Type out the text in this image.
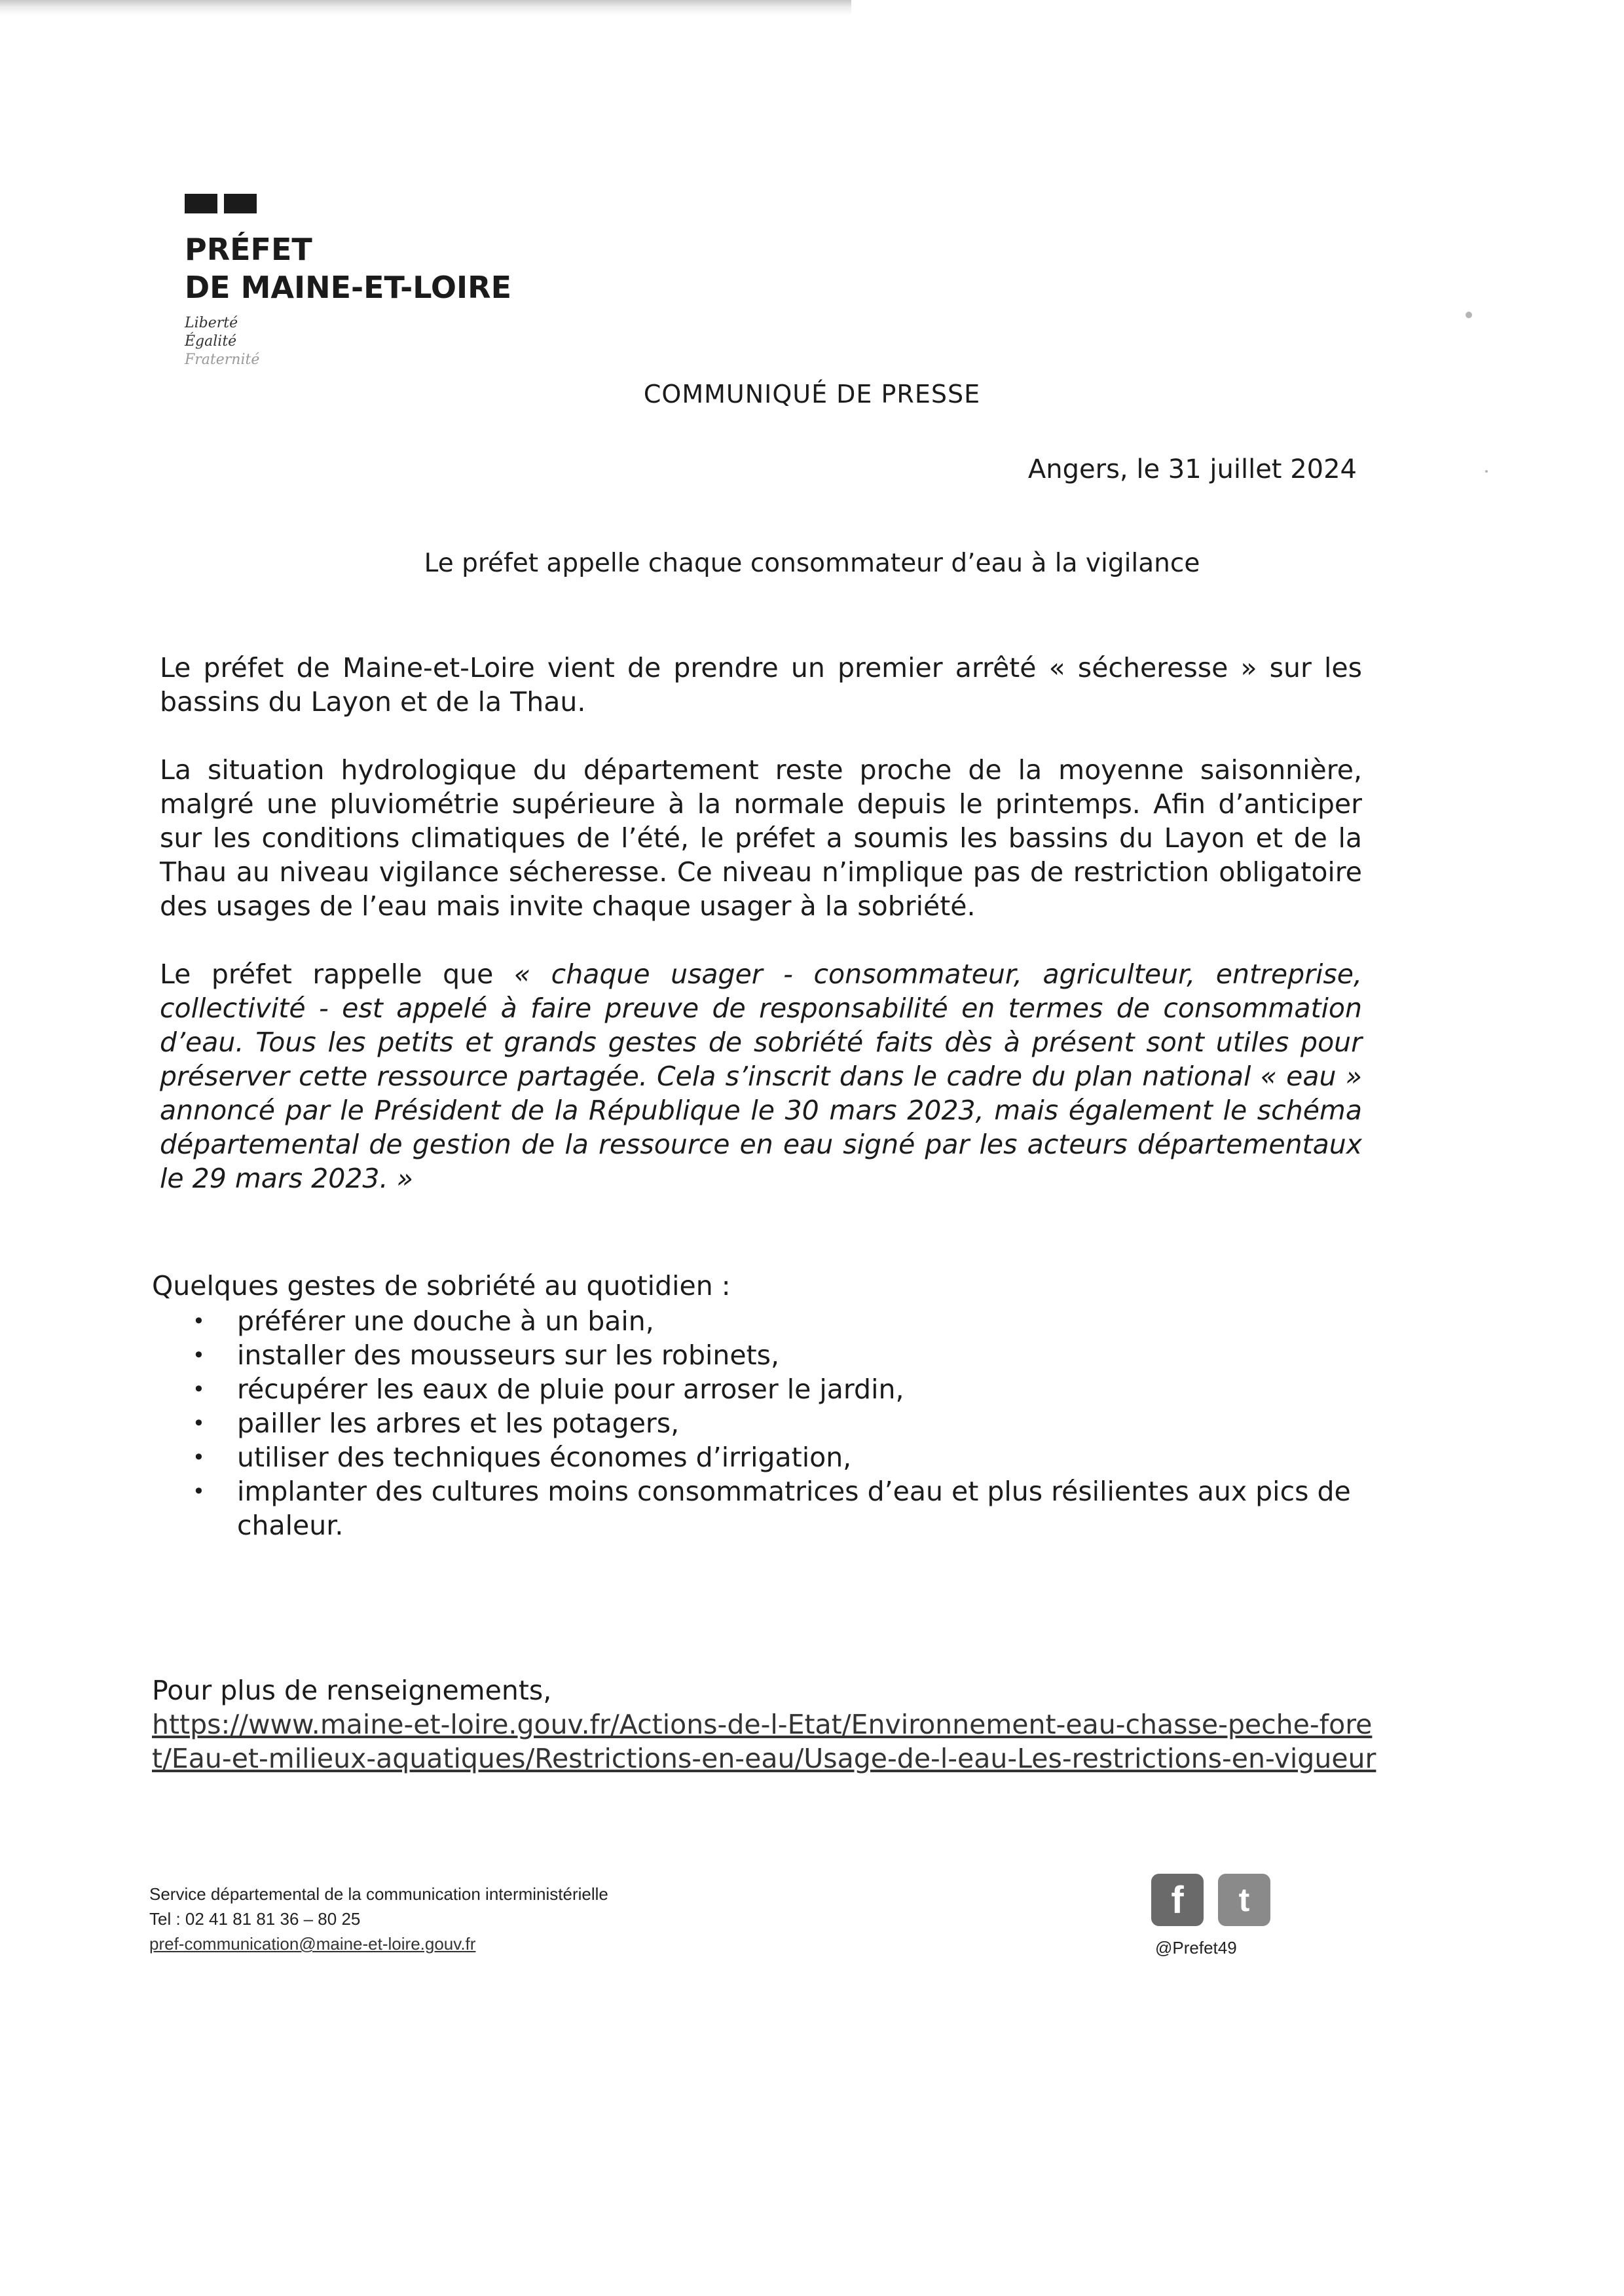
PRÉFET
DE MAINE-ET-LOIRE
Liberté
Égalité
Fraternité
COMMUNIQUÉ DE PRESSE
Angers, le 31 juillet 2024
Le préfet appelle chaque consommateur d’eau à la vigilance

Le préfet de Maine-et-Loire vient de prendre un premier arrêté « sécheresse » sur les bassins du Layon et de la Thau.

La situation hydrologique du département reste proche de la moyenne saisonnière, malgré une pluviométrie supérieure à la normale depuis le printemps. Afin d’anticiper sur les conditions climatiques de l’été, le préfet a soumis les bassins du Layon et de la Thau au niveau vigilance sécheresse. Ce niveau n’implique pas de restriction obligatoire des usages de l’eau mais invite chaque usager à la sobriété.

Le préfet rappelle que « chaque usager - consommateur, agriculteur, entreprise, collectivité - est appelé à faire preuve de responsabilité en termes de consommation d’eau. Tous les petits et grands gestes de sobriété faits dès à présent sont utiles pour préserver cette ressource partagée. Cela s’inscrit dans le cadre du plan national « eau » annoncé par le Président de la République le 30 mars 2023, mais également le schéma départemental de gestion de la ressource en eau signé par les acteurs départementaux le 29 mars 2023. »

Quelques gestes de sobriété au quotidien :

• préférer une douche à un bain,
• installer des mousseurs sur les robinets,
• récupérer les eaux de pluie pour arroser le jardin,
• pailler les arbres et les potagers,
• utiliser des techniques économes d’irrigation,
• implanter des cultures moins consommatrices d’eau et plus résilientes aux pics de chaleur.
Pour plus de renseignements,
https://www.maine-et-loire.gouv.fr/Actions-de-l-Etat/Environnement-eau-chasse-peche-foret/Eau-et-milieux-aquatiques/Restrictions-en-eau/Usage-de-l-eau-Les-restrictions-en-vigueur
Service départemental de la communication interministérielle
Tel : 02 41 81 81 36 – 80 25
pref-communication@maine-et-loire.gouv.fr
f	t
@Prefet49
